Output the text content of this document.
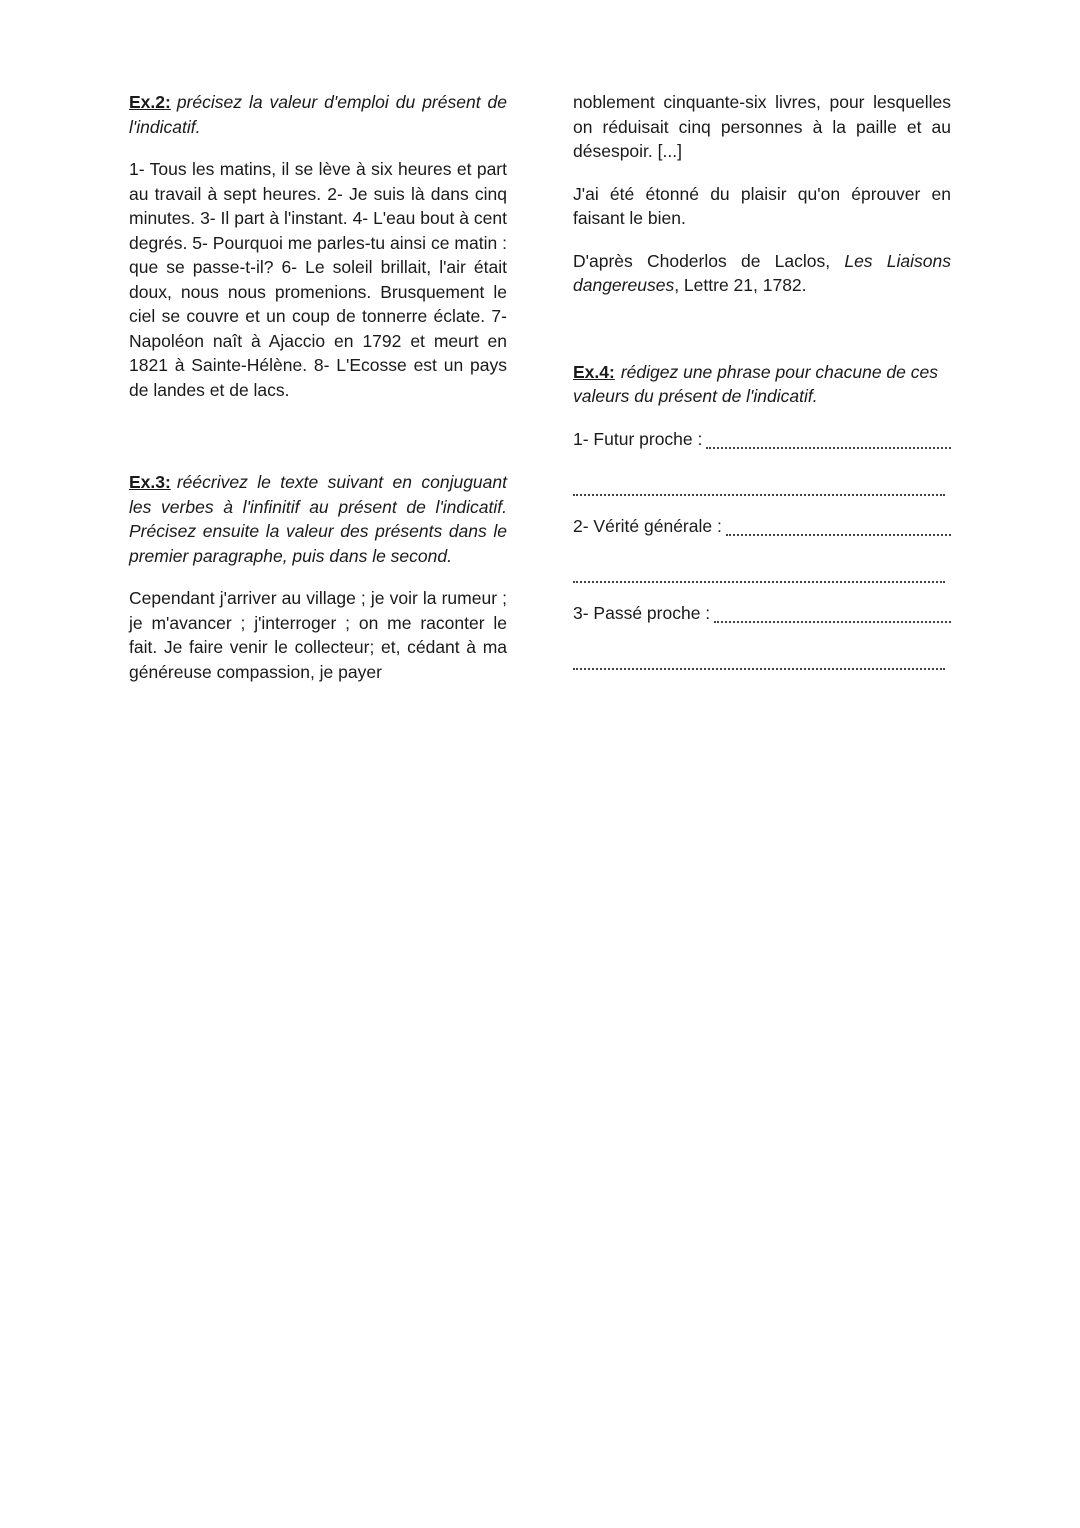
Ex.2: précisez la valeur d'emploi du présent de l'indicatif.

1- Tous les matins, il se lève à six heures et part au travail à sept heures. 2- Je suis là dans cinq minutes. 3- Il part à l'instant. 4- L'eau bout à cent degrés. 5- Pourquoi me parles-tu ainsi ce matin : que se passe-t-il? 6- Le soleil brillait, l'air était doux, nous nous promenions. Brusquement le ciel se couvre et un coup de tonnerre éclate. 7- Napoléon naît à Ajaccio en 1792 et meurt en 1821 à Sainte-Hélène. 8- L'Ecosse est un pays de landes et de lacs.

Ex.3: réécrivez le texte suivant en conjuguant les verbes à l'infinitif au présent de l'indicatif. Précisez ensuite la valeur des présents dans le premier paragraphe, puis dans le second.

Cependant j'arriver au village ; je voir la rumeur ; je m'avancer ; j'interroger ; on me raconter le fait. Je faire venir le collecteur; et, cédant à ma généreuse compassion, je payer

noblement cinquante-six livres, pour lesquelles on réduisait cinq personnes à la paille et au désespoir. [...]

J'ai été étonné du plaisir qu'on éprouver en faisant le bien.

D'après Choderlos de Laclos, Les Liaisons dangereuses, Lettre 21, 1782.

Ex.4: rédigez une phrase pour chacune de ces valeurs du présent de l'indicatif.

1- Futur proche :
2- Vérité générale :
3- Passé proche :
